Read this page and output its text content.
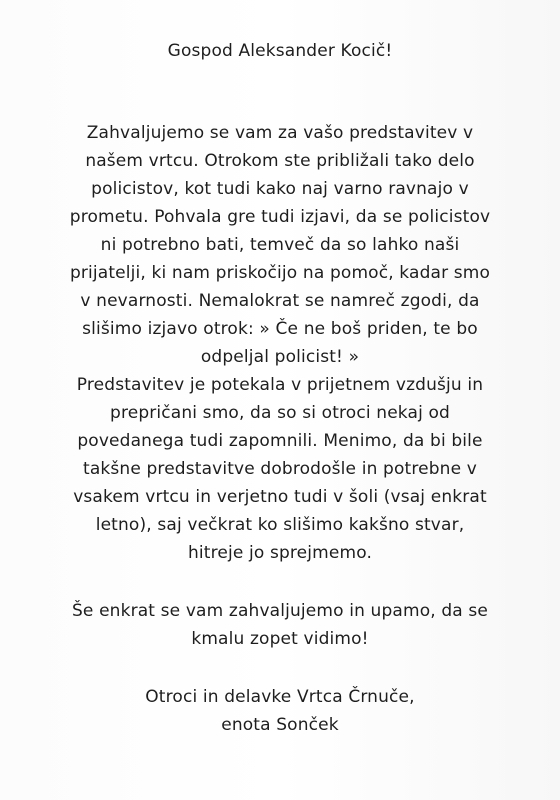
Gospod Aleksander Kocič!
Zahvaljujemo se vam za vašo predstavitev v
našem vrtcu. Otrokom ste približali tako delo
policistov, kot tudi kako naj varno ravnajo v
prometu. Pohvala gre tudi izjavi, da se policistov
ni potrebno bati, temveč da so lahko naši
prijatelji, ki nam priskočijo na pomoč, kadar smo
v nevarnosti. Nemalokrat se namreč zgodi, da
slišimo izjavo otrok: » Če ne boš priden, te bo
odpeljal policist! »
Predstavitev je potekala v prijetnem vzdušju in
prepričani smo, da so si otroci nekaj od
povedanega tudi zapomnili. Menimo, da bi bile
takšne predstavitve dobrodošle in potrebne v
vsakem vrtcu in verjetno tudi v šoli (vsaj enkrat
letno), saj večkrat ko slišimo kakšno stvar,
hitreje jo sprejmemo.
Še enkrat se vam zahvaljujemo in upamo, da se
kmalu zopet vidimo!
Otroci in delavke Vrtca Črnuče,
enota Sonček
